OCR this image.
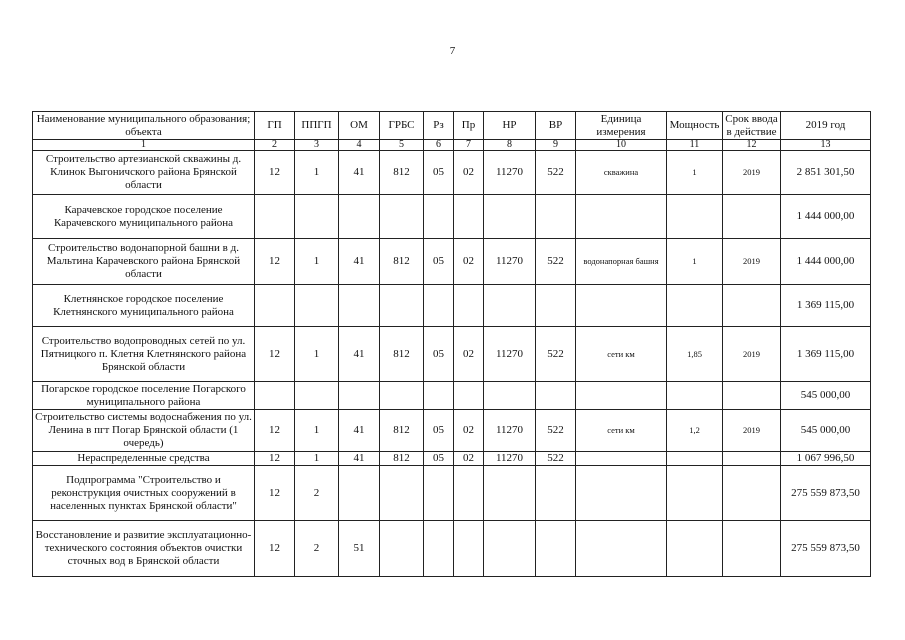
7
Наименование муниципального образования; объекта	ГП	ППГП	ОМ	ГРБС	Рз	Пр	НР	ВР	Единица измерения	Мощность	Срок ввода в действие	2019 год
1	2	3	4	5	6	7	8	9	10	11	12	13
Строительство артезианской скважины д. Клинок Выгоничского района Брянской области	12	1	41	812	05	02	11270	522	скважина	1	2019	2 851 301,50
Карачевское городское поселение Карачевского муниципального района												1 444 000,00
Строительство водонапорной башни в д. Мальтина Карачевского района Брянской области	12	1	41	812	05	02	11270	522	водонапорная башня	1	2019	1 444 000,00
Клетнянское городское поселение Клетнянского муниципального района												1 369 115,00
Строительство водопроводных сетей по ул. Пятницкого п. Клетня Клетнянского района Брянской области	12	1	41	812	05	02	11270	522	сети км	1,85	2019	1 369 115,00
Погарское городское поселение Погарского муниципального района												545 000,00
Строительство системы водоснабжения по ул. Ленина в пгт Погар Брянской области (1 очередь)	12	1	41	812	05	02	11270	522	сети км	1,2	2019	545 000,00
Нераспределенные средства	12	1	41	812	05	02	11270	522				1 067 996,50
Подпрограмма "Строительство и реконструкция очистных сооружений в населенных пунктах Брянской области"	12	2										275 559 873,50
Восстановление и развитие эксплуатационно-технического состояния объектов очистки сточных вод в Брянской области	12	2	51									275 559 873,50
